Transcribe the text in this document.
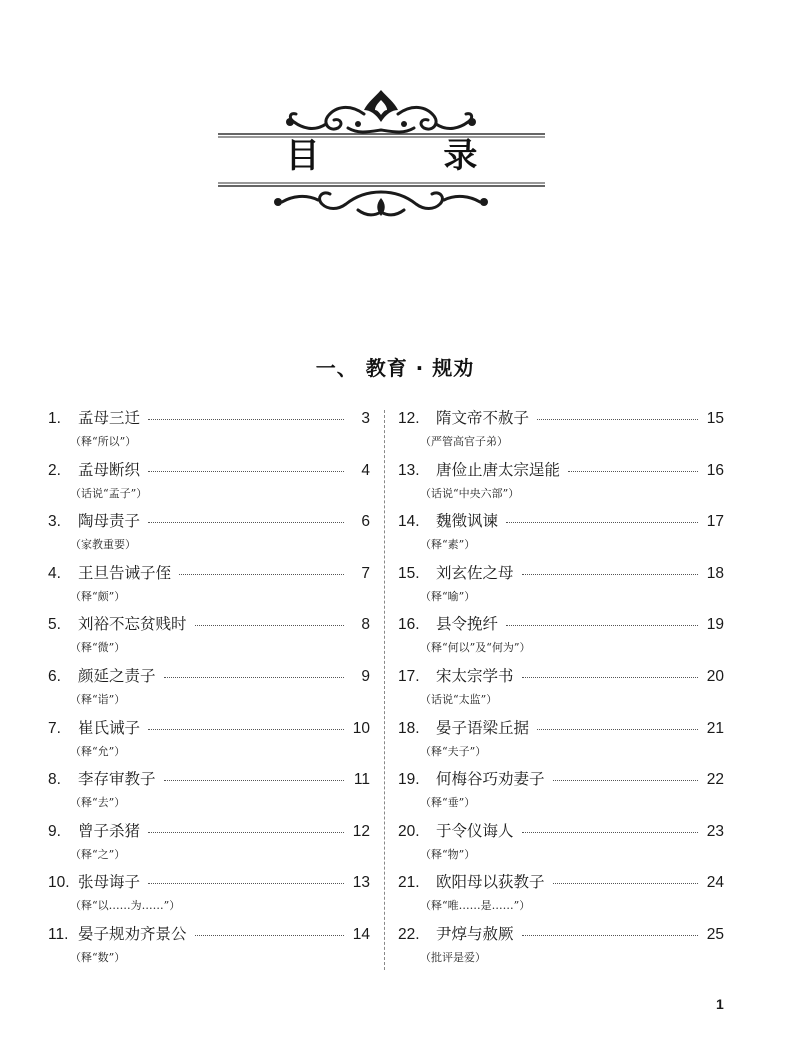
目 录
一、 教育 · 规劝
1.	孟母三迁	3
（释“所以”）
2.	孟母断织	4
（话说“孟子”）
3.	陶母责子	6
（家教重要）
4.	王旦告诫子侄	7
（释“颇”）
5.	刘裕不忘贫贱时	8
（释“微”）
6.	颜延之责子	9
（释“诣”）
7.	崔氏诫子	10
（释“允”）
8.	李存审教子	11
（释“去”）
9.	曾子杀猪	12
（释“之”）
10. 张母诲子	13
（释“以……为……”）
11. 晏子规劝齐景公	14
（释“数”）
12.	隋文帝不赦子	15
（严管高官子弟）
13.	唐俭止唐太宗逞能	16
（话说“中央六部”）
14.	魏徵讽谏	17
（释“素”）
15.	刘玄佐之母	18
（释“喻”）
16.	县令挽纤	19
（释“何以”及“何为”）
17.	宋太宗学书	20
（话说“太监”）
18.	晏子语梁丘据	21
（释“夫子”）
19.	何梅谷巧劝妻子	22
（释“垂”）
20.	于令仪诲人	23
（释“物”）
21.	欧阳母以荻教子	24
（释“唯……是……”）
22.	尹焞与赦厥	25
（批评是爱）
1
